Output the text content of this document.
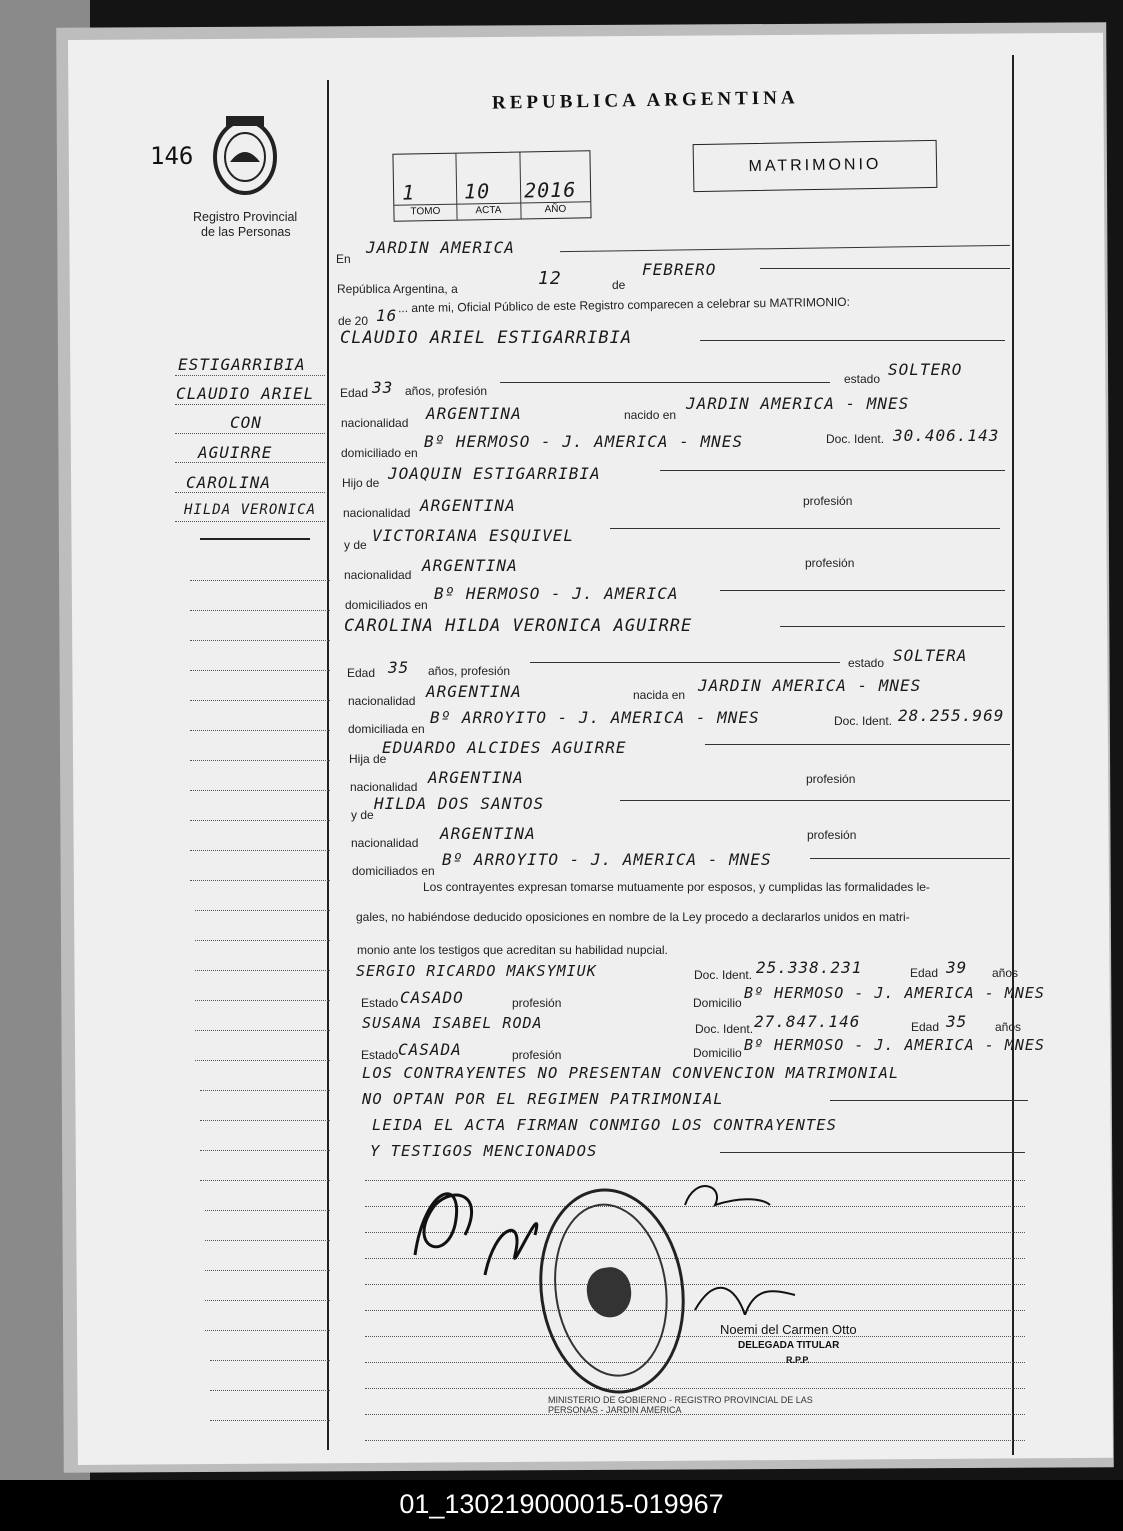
146
Registro Provincial
de las Personas
REPUBLICA ARGENTINA
1 10 2016
TOMO	ACTA	AÑO
MATRIMONIO
ESTIGARRIBIA
CLAUDIO ARIEL
CON
AGUIRRE
CAROLINA
HILDA VERONICA
En
JARDIN AMERICA
República Argentina, a	12	de
FEBRERO
de 20 16
... ante mi, Oficial Público de este Registro comparecen a celebrar su MATRIMONIO:
CLAUDIO ARIEL ESTIGARRIBIA
Edad 33 años, profesión
estado SOLTERO
nacionalidad ARGENTINA	nacido en
JARDIN AMERICA - MNES
domiciliado en
Bº HERMOSO - J. AMERICA - MNES	Doc. Ident. 30.406.143
Hijo de JOAQUIN ESTIGARRIBIA
nacionalidad ARGENTINA	profesión
y de VICTORIANA ESQUIVEL
nacionalidad ARGENTINA	profesión
domiciliados en
Bº HERMOSO - J. AMERICA
CAROLINA HILDA VERONICA AGUIRRE
Edad 35 años, profesión
estado SOLTERA
nacionalidad ARGENTINA	nacida en JARDIN AMERICA - MNES
domiciliada en
Bº ARROYITO - J. AMERICA - MNES	Doc. Ident. 28.255.969
Hija de
EDUARDO ALCIDES AGUIRRE
nacionalidad ARGENTINA	profesión
y de
HILDA DOS SANTOS
nacionalidad ARGENTINA	profesión
domiciliados en
Bº ARROYITO - J. AMERICA - MNES
Los contrayentes expresan tomarse mutuamente por esposos, y cumplidas las formalidades le-
gales, no habiéndose deducido oposiciones en nombre de la Ley procedo a declararlos unidos en matri-
monio ante los testigos que acreditan su habilidad nupcial.
SERGIO RICARDO MAKSYMIUK	Doc. Ident. 25.338.231	Edad 39 años
Estado CASADO	profesión	Domicilio
Bº HERMOSO - J. AMERICA - MNES
SUSANA ISABEL RODA	Doc. Ident. 27.847.146	Edad 35 años
Estado CASADA	profesión	Domicilio Bº HERMOSO - J. AMERICA - MNES
LOS CONTRAYENTES NO PRESENTAN CONVENCION MATRIMONIAL
NO OPTAN POR EL REGIMEN PATRIMONIAL
LEIDA EL ACTA FIRMAN CONMIGO LOS CONTRAYENTES
Y TESTIGOS MENCIONADOS
MINISTERIO DE GOBIERNO - REGISTRO PROVINCIAL DE LAS PERSONAS - JARDIN AMERICA
Noemi del Carmen Otto
DELEGADA TITULAR
R.P.P.
01_130219000015-019967
